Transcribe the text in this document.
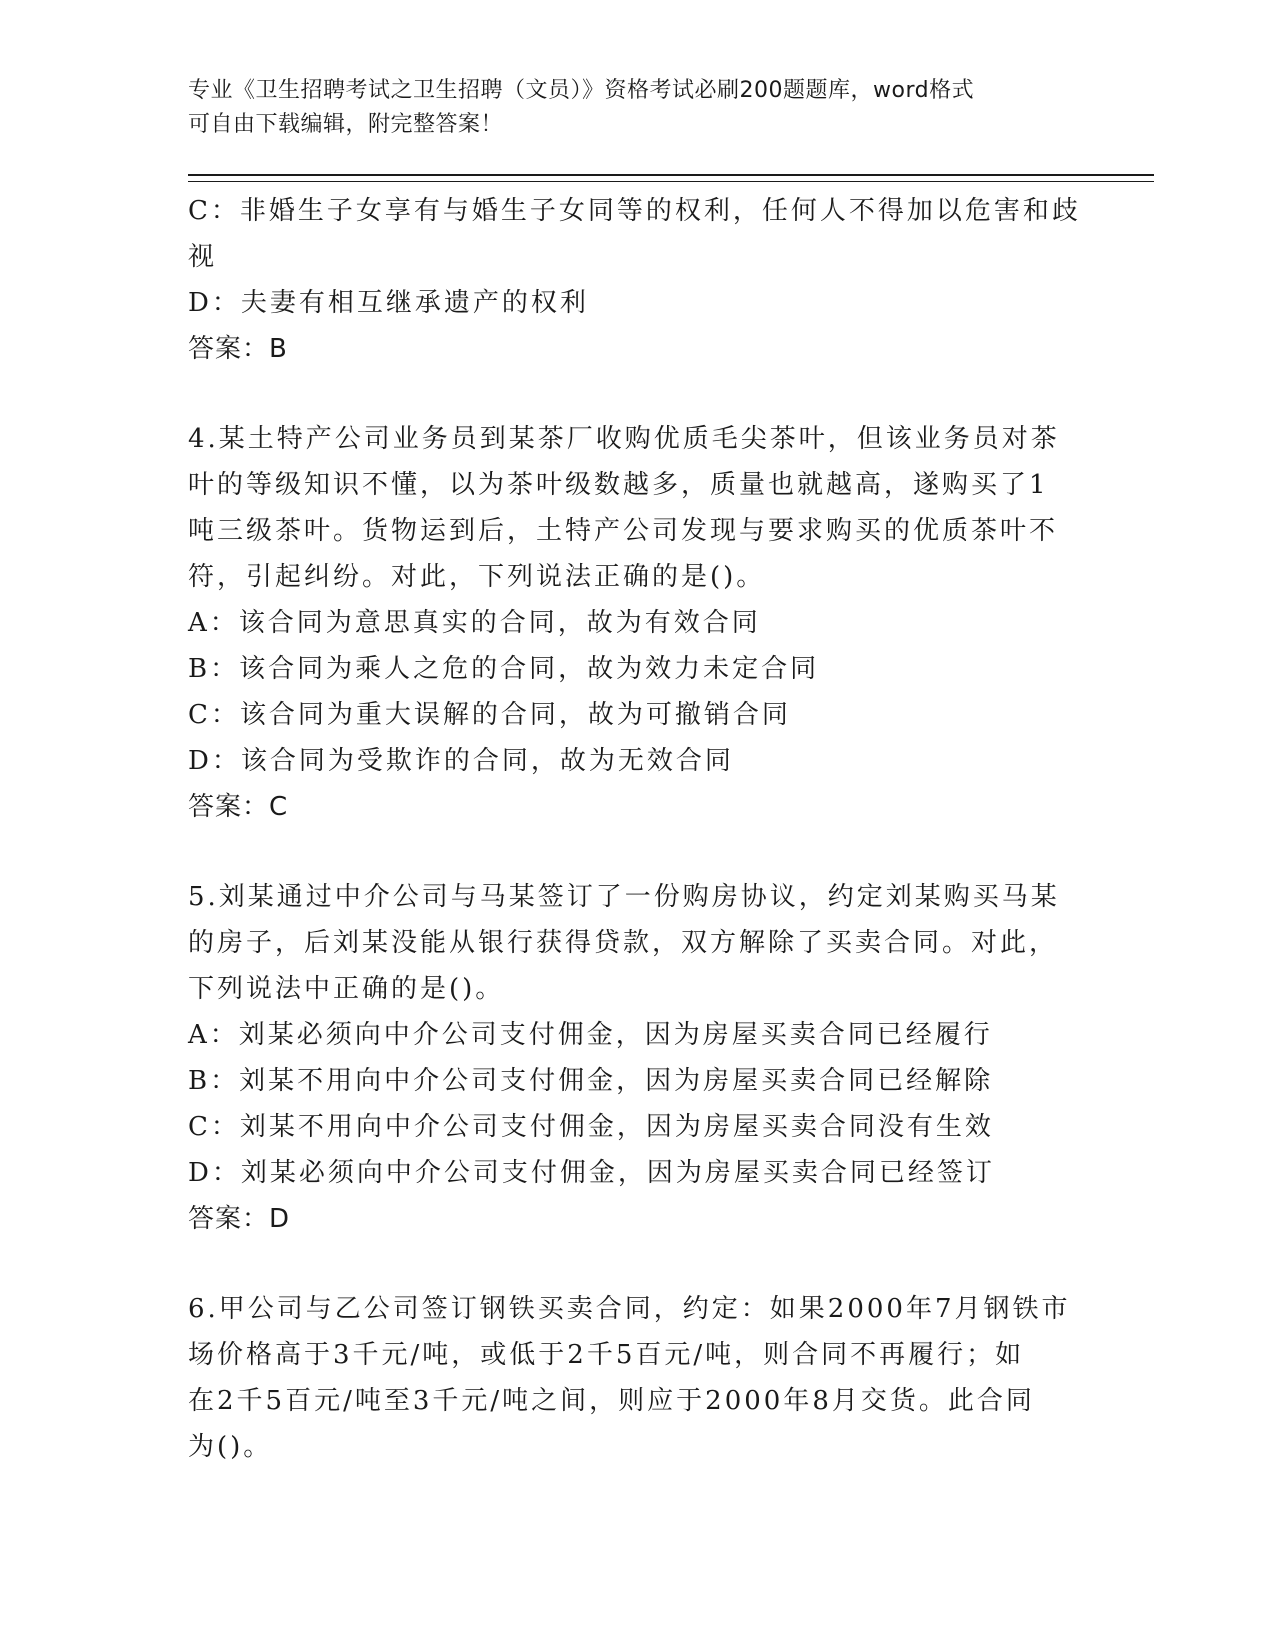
专业《卫生招聘考试之卫生招聘（文员）》资格考试必刷200题题库，word格式
可自由下载编辑，附完整答案！
C：非婚生子女享有与婚生子女同等的权利，任何人不得加以危害和歧
视
D：夫妻有相互继承遗产的权利
答案：B
4.某土特产公司业务员到某茶厂收购优质毛尖茶叶，但该业务员对茶
叶的等级知识不懂，以为茶叶级数越多，质量也就越高，遂购买了1
吨三级茶叶。货物运到后，土特产公司发现与要求购买的优质茶叶不
符，引起纠纷。对此，下列说法正确的是()。
A：该合同为意思真实的合同，故为有效合同
B：该合同为乘人之危的合同，故为效力未定合同
C：该合同为重大误解的合同，故为可撤销合同
D：该合同为受欺诈的合同，故为无效合同
答案：C
5.刘某通过中介公司与马某签订了一份购房协议，约定刘某购买马某
的房子，后刘某没能从银行获得贷款，双方解除了买卖合同。对此，
下列说法中正确的是()。
A：刘某必须向中介公司支付佣金，因为房屋买卖合同已经履行
B：刘某不用向中介公司支付佣金，因为房屋买卖合同已经解除
C：刘某不用向中介公司支付佣金，因为房屋买卖合同没有生效
D：刘某必须向中介公司支付佣金，因为房屋买卖合同已经签订
答案：D
6.甲公司与乙公司签订钢铁买卖合同，约定：如果2000年7月钢铁市
场价格高于3千元/吨，或低于2千5百元/吨，则合同不再履行；如
在2千5百元/吨至3千元/吨之间，则应于2000年8月交货。此合同
为()。
